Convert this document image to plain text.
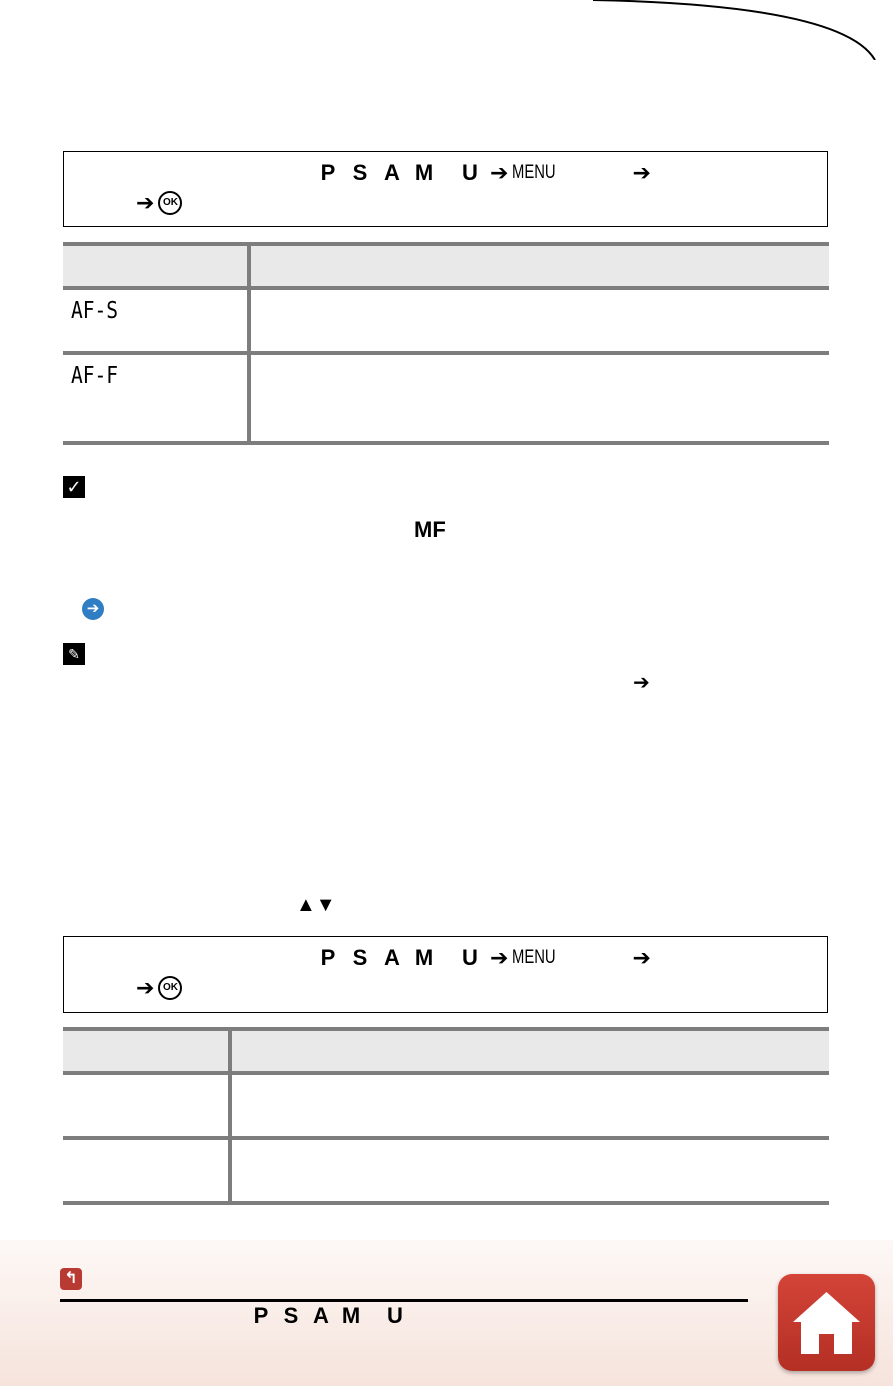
P S A M	U ➔ MENU	➔
➔ OK

AF-S	
AF-F	
✓
MF
➔
✎
➔
▲▼
P S A M	U ➔ MENU	➔
➔ OK

↰
P S A M	U
